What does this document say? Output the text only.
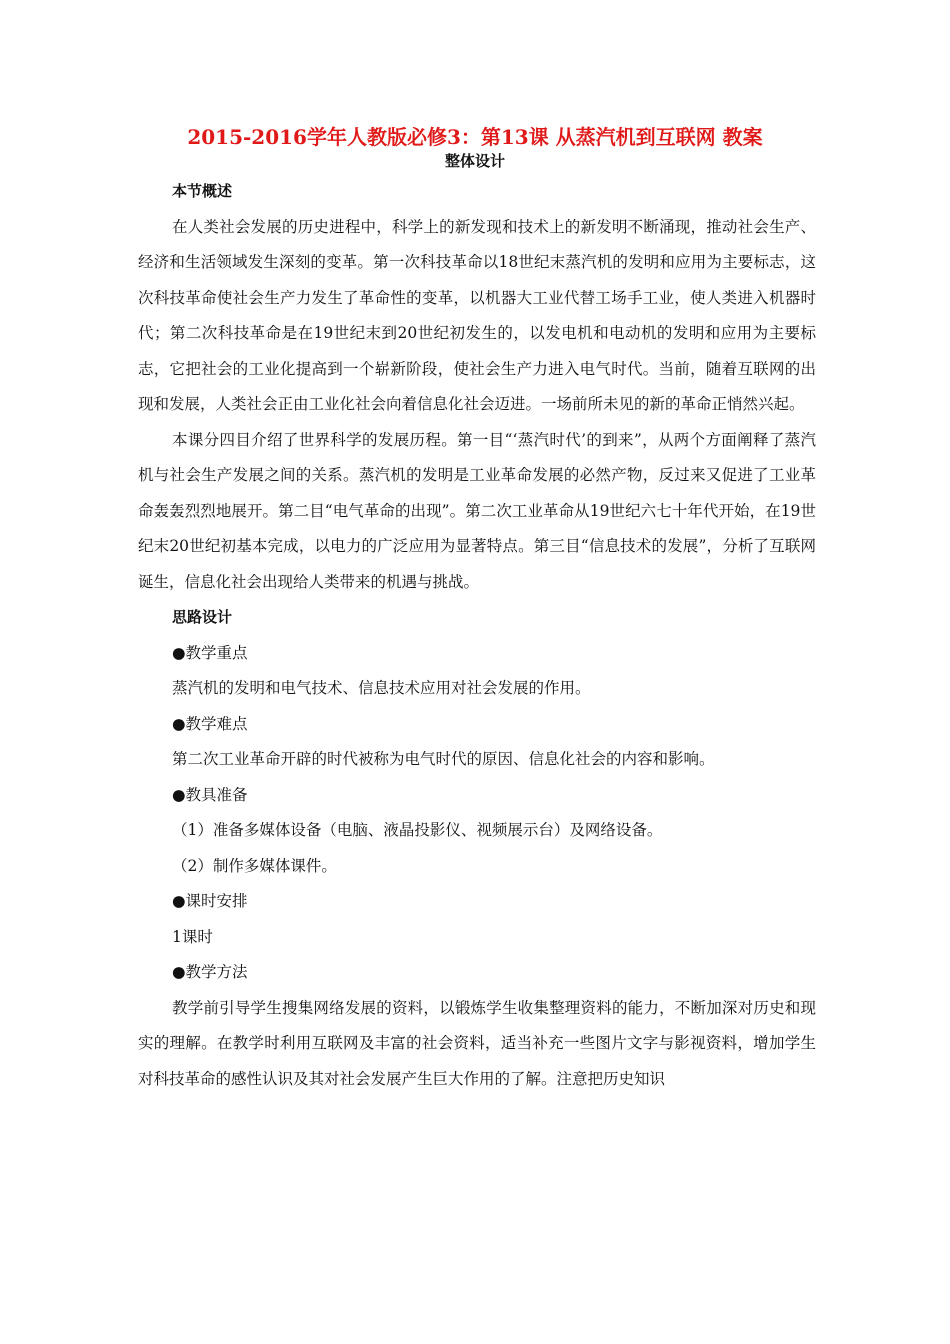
2015-2016学年人教版必修3：第13课 从蒸汽机到互联网 教案
整体设计
本节概述
在人类社会发展的历史进程中，科学上的新发现和技术上的新发明不断涌现，推动社会生产、经济和生活领域发生深刻的变革。第一次科技革命以18世纪末蒸汽机的发明和应用为主要标志，这次科技革命使社会生产力发生了革命性的变革，以机器大工业代替工场手工业，使人类进入机器时代；第二次科技革命是在19世纪末到20世纪初发生的，以发电机和电动机的发明和应用为主要标志，它把社会的工业化提高到一个崭新阶段，使社会生产力进入电气时代。当前，随着互联网的出现和发展，人类社会正由工业化社会向着信息化社会迈进。一场前所未见的新的革命正悄然兴起。
本课分四目介绍了世界科学的发展历程。第一目“‘蒸汽时代’的到来”，从两个方面阐释了蒸汽机与社会生产发展之间的关系。蒸汽机的发明是工业革命发展的必然产物，反过来又促进了工业革命轰轰烈烈地展开。第二目“电气革命的出现”。第二次工业革命从19世纪六七十年代开始，在19世纪末20世纪初基本完成，以电力的广泛应用为显著特点。第三目“信息技术的发展”，分析了互联网诞生，信息化社会出现给人类带来的机遇与挑战。
思路设计
●教学重点
蒸汽机的发明和电气技术、信息技术应用对社会发展的作用。
●教学难点
第二次工业革命开辟的时代被称为电气时代的原因、信息化社会的内容和影响。
●教具准备
（1）准备多媒体设备（电脑、液晶投影仪、视频展示台）及网络设备。
（2）制作多媒体课件。
●课时安排
1课时
●教学方法
教学前引导学生搜集网络发展的资料，以锻炼学生收集整理资料的能力，不断加深对历史和现实的理解。在教学时利用互联网及丰富的社会资料，适当补充一些图片文字与影视资料，增加学生对科技革命的感性认识及其对社会发展产生巨大作用的了解。注意把历史知识
